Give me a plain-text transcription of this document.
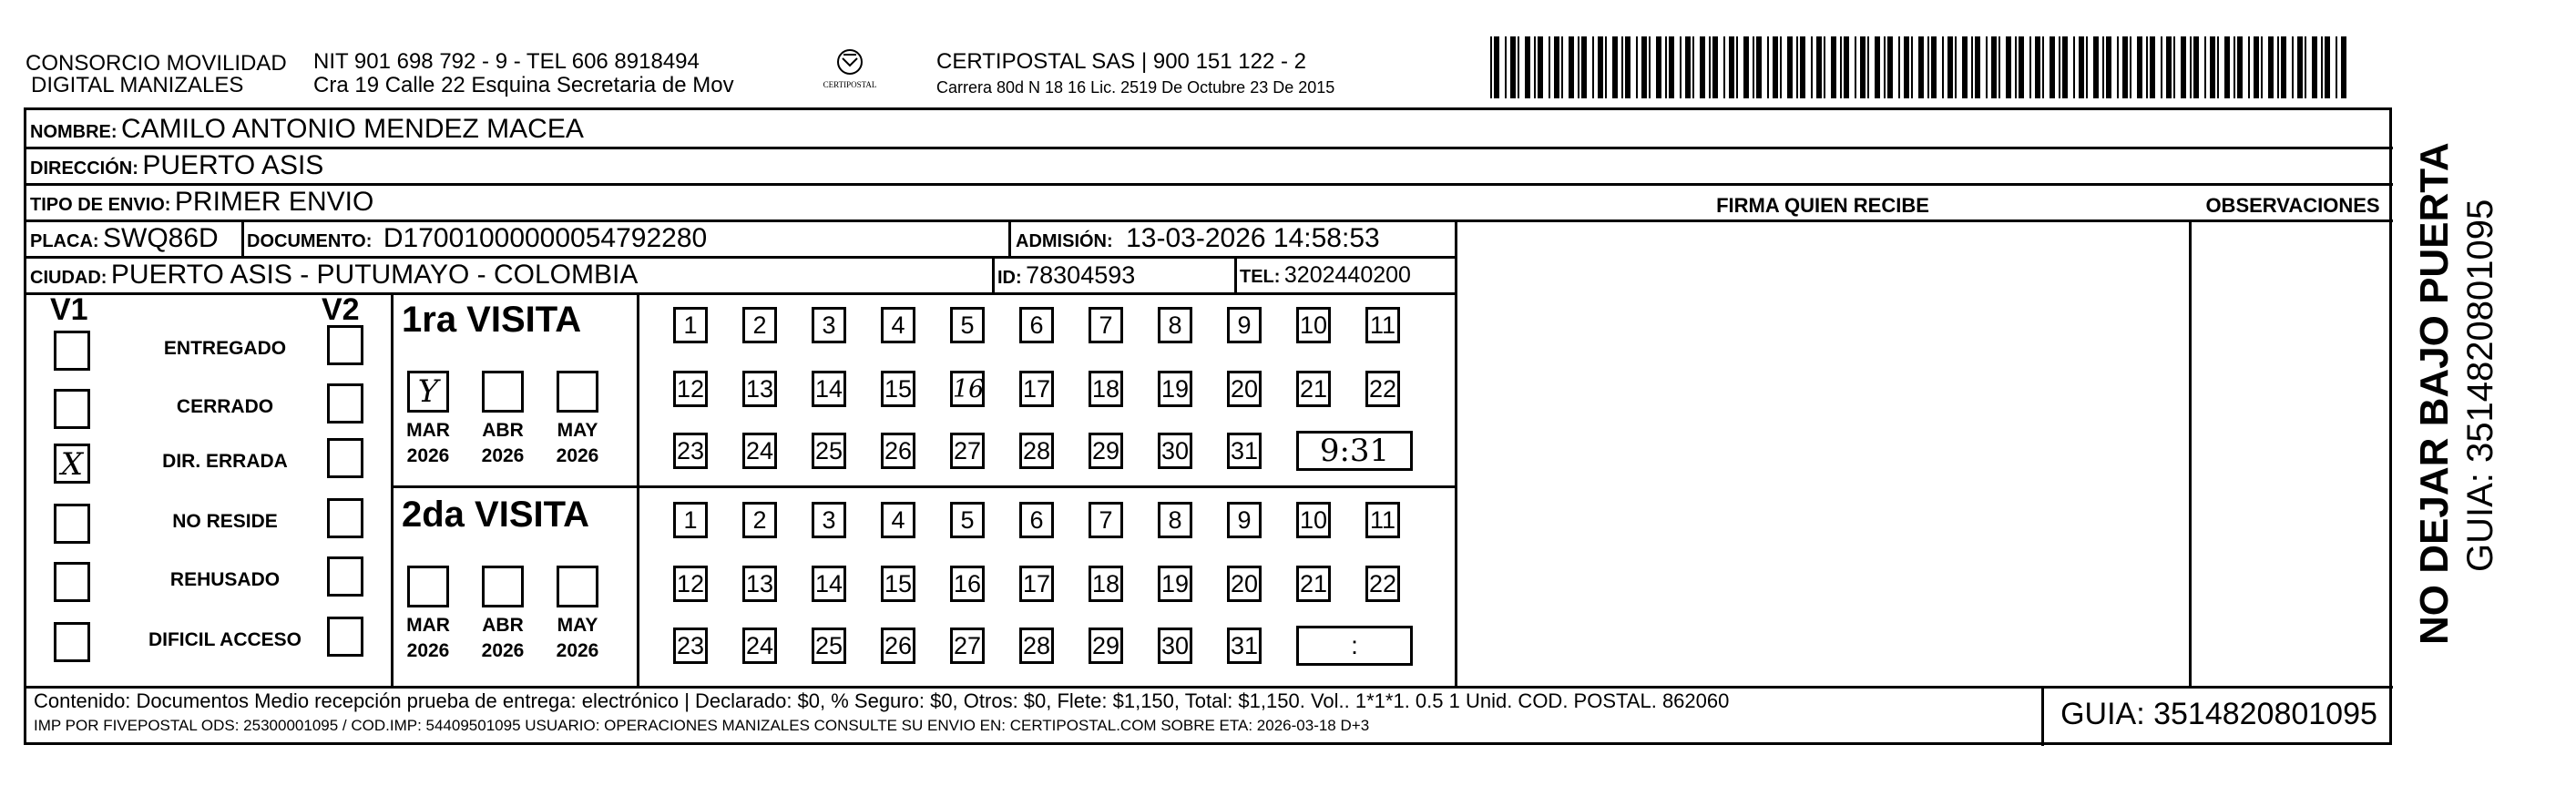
CONSORCIO MOVILIDAD
DIGITAL MANIZALES
NIT 901 698 792 - 9 - TEL 606 8918494
Cra 19 Calle 22 Esquina Secretaria de Mov	CERTIPOSTAL
CERTIPOSTAL SAS | 900 151 122 - 2
Carrera 80d N 18 16 Lic. 2519 De Octubre 23 De 2015
NOMBRE: CAMILO ANTONIO MENDEZ MACEA
DIRECCIÓN: PUERTO ASIS
TIPO DE ENVIO: PRIMER ENVIO	FIRMA QUIEN RECIBE	OBSERVACIONES
PLACA: SWQ86D DOCUMENTO: D17001000000054792280	ADMISIÓN: 13-03-2026 14:58:53
CIUDAD: PUERTO ASIS - PUTUMAYO - COLOMBIA	ID: 78304593	TEL: 3202440200
V1	V2
ENTREGADO
CERRADO
X	DIR. ERRADA
NO RESIDE
REHUSADO
DIFICIL ACCESO
1ra VISITA
Y
MAR
2026
ABR
2026
MAY
2026
1	2	3	4	5	6	7	8	9	10 11
12 13 14 15 16 17 18 19 20 21 22
23 24 25 26 27 28 29 30 31	9:31
2da VISITA
MAR
2026
ABR
2026
MAY
2026
1	2	3	4	5	6	7	8	9	10 11
12 13 14 15 16 17 18 19 20 21 22
23 24 25 26 27 28 29 30 31	:
Contenido: Documentos Medio recepción prueba de entrega: electrónico | Declarado: $0, % Seguro: $0, Otros: $0, Flete: $1,150, Total: $1,150. Vol.. 1*1*1. 0.5 1 Unid. COD. POSTAL. 862060
IMP POR FIVEPOSTAL ODS: 25300001095 / COD.IMP: 54409501095 USUARIO: OPERACIONES MANIZALES CONSULTE SU ENVIO EN: CERTIPOSTAL.COM SOBRE ETA: 2026-03-18 D+3	GUIA: 3514820801095
NO DEJAR BAJO PUERTA GUIA: 3514820801095
